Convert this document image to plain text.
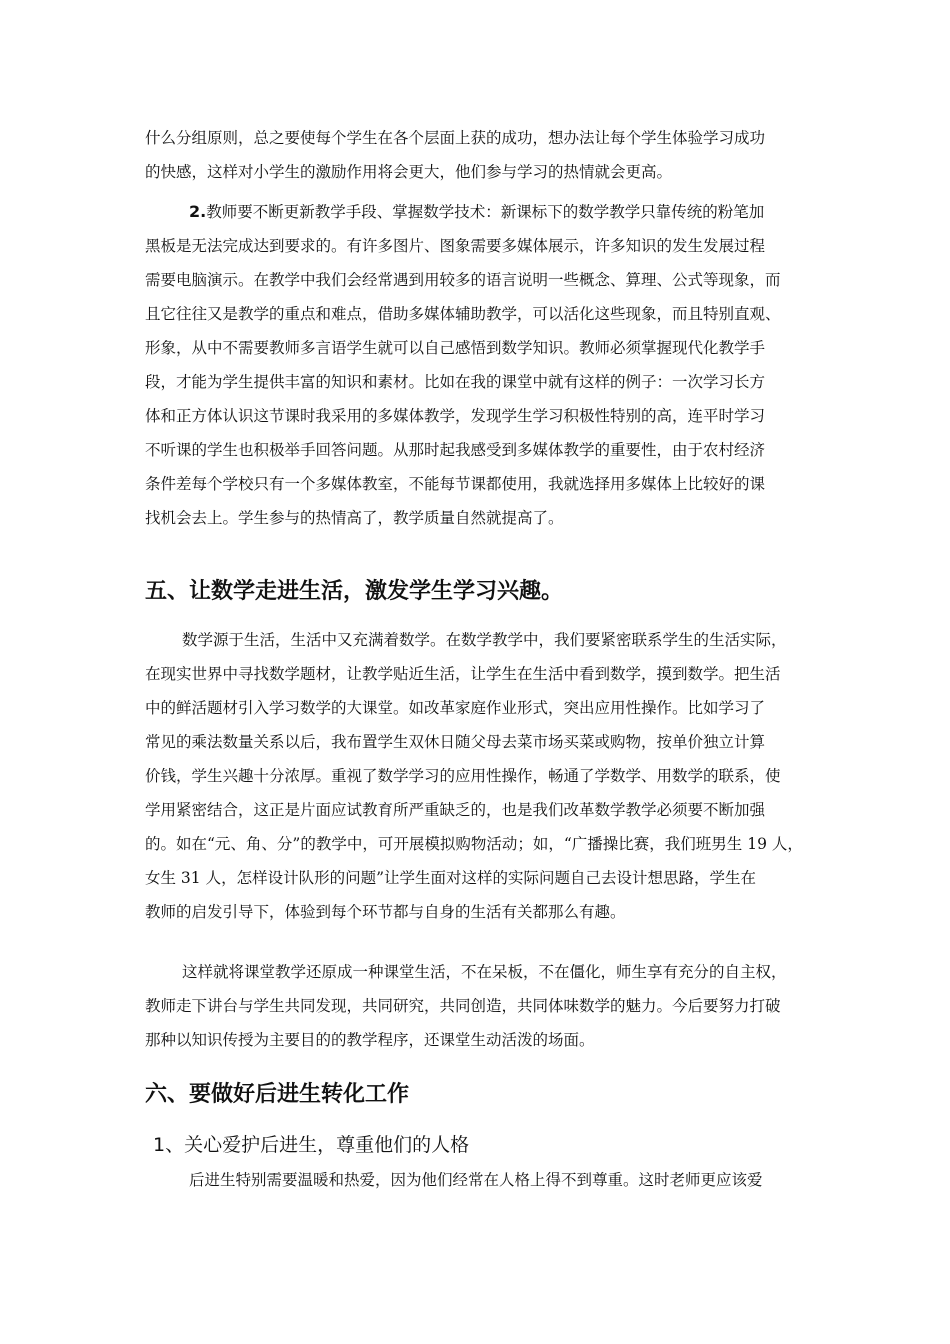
什么分组原则，总之要使每个学生在各个层面上获的成功，想办法让每个学生体验学习成功
的快感，这样对小学生的激励作用将会更大，他们参与学习的热情就会更高。
2.教师要不断更新教学手段、掌握数学技术：新课标下的数学教学只靠传统的粉笔加
黑板是无法完成达到要求的。有许多图片、图象需要多媒体展示，许多知识的发生发展过程
需要电脑演示。在教学中我们会经常遇到用较多的语言说明一些概念、算理、公式等现象，而
且它往往又是教学的重点和难点，借助多媒体辅助教学，可以活化这些现象，而且特别直观、
形象，从中不需要教师多言语学生就可以自己感悟到数学知识。教师必须掌握现代化教学手
段，才能为学生提供丰富的知识和素材。比如在我的课堂中就有这样的例子：一次学习长方
体和正方体认识这节课时我采用的多媒体教学，发现学生学习积极性特别的高，连平时学习
不听课的学生也积极举手回答问题。从那时起我感受到多媒体教学的重要性，由于农村经济
条件差每个学校只有一个多媒体教室，不能每节课都使用，我就选择用多媒体上比较好的课
找机会去上。学生参与的热情高了，教学质量自然就提高了。
五、让数学走进生活，激发学生学习兴趣。
数学源于生活，生活中又充满着数学。在数学教学中，我们要紧密联系学生的生活实际，
在现实世界中寻找数学题材，让教学贴近生活，让学生在生活中看到数学，摸到数学。把生活
中的鲜活题材引入学习数学的大课堂。如改革家庭作业形式，突出应用性操作。比如学习了
常见的乘法数量关系以后，我布置学生双休日随父母去菜市场买菜或购物，按单价独立计算
价钱，学生兴趣十分浓厚。重视了数学学习的应用性操作，畅通了学数学、用数学的联系，使
学用紧密结合，这正是片面应试教育所严重缺乏的，也是我们改革数学教学必须要不断加强
的。如在“元、角、分”的教学中，可开展模拟购物活动；如，“广播操比赛，我们班男生 19 人，
女生 31 人，怎样设计队形的问题”让学生面对这样的实际问题自己去设计想思路，学生在
教师的启发引导下，体验到每个环节都与自身的生活有关都那么有趣。
这样就将课堂教学还原成一种课堂生活，不在呆板，不在僵化，师生享有充分的自主权，
教师走下讲台与学生共同发现，共同研究，共同创造，共同体味数学的魅力。今后要努力打破
那种以知识传授为主要目的的教学程序，还课堂生动活泼的场面。
六、要做好后进生转化工作
1、关心爱护后进生，尊重他们的人格
后进生特别需要温暖和热爱，因为他们经常在人格上得不到尊重。这时老师更应该爱
